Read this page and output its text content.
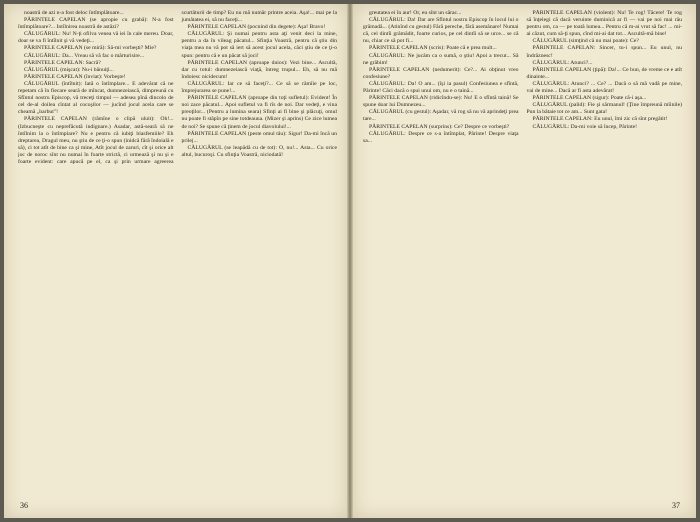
noastră de azi n-a fost deloc întîmplătoare...

PĂRINTELE CAPELAN (se apropie cu grabă): N-a fost întîmplătoare?... Intîlnirea noastră de astăzi?

CĂLUGĂRUL: Nu! N-ţi ofilva venea vă iei în cale mereu. Doar, doar se va fi întîlnit şi vă vedeţi...

PĂRINTELE CAPELAN (se miră): Să-mi vorbeşti? Mie?

CĂLUGĂRUL: Da... Vreau să vă fac o mărturisire...

PĂRINTELE CAPELAN: Sacră?

CĂLUGĂRUL (mişcat): Nu-i bănuiţi...

PĂRINTELE CAPELAN (înviat): Vorbeşte!

CĂLUGĂRUL (întîlnit): Iată o întîmplare... E adevărat că ne repetam că în fiecare seară de mîncat, dumnezeiască, dimpreună cu Sfîntul nostru Episcop, vă treceţi timpul — adesea pînă dincolo de cel de-al doilea cîntat al cocoşilor — jucînd jocul acela care se cheamă „barbut"!

PĂRINTELE CAPELAN (rămîne o clipă uluit): Oh!... (Izbucneşte cu neprefăcută indignare.) Asadar, astă-seară să ne întîlnim la o întîmplare? Nu e pentru că iubiţi blasfemiile? Eh dreptarea, Dragul meu, nu ştiu de ce ţi-o spun (inidcă fără îndoială e să), ci tot atît de bine ca şi mine, Atît jocul de zaruri, cît şi orice alt joc de noroc sînt nu numai în foarte strictă, ci urmează şi nu şi e foarte evident: care apucă pe el, ca şi prin urmare agreerea scurtăturii de timp? Eu nu mă număr printre aceia. Aşa!... mai pe la jumătatea ei, să nu faceţi...

PĂRINTELE CAPELAN (pocnind din degete): Aşa! Bravo!

CĂLUGĂRUL: Şi numai pentru asta aţi venit deci la mine, pentru a da în vileag păcatul... Sfinţia Voastră, pentru că ştiu din viaţa mea nu vă pot să iert să acest jocul acela, căci ştiu de ce ţi-o spun: pentru că e un păcat să joci!

PĂRINTELE CAPELAN (aproape duios): Vezi bine... Ascultă, dar cu totul: dumnezeiască viaţă, întreg trupul... Eh, să nu mă îndoiesc nicidecum!

CĂLUGĂRUL: Iar ce să faceţi?... Ce să se rămîie pe loc, împrejurarea se pune!...

PĂRINTELE CAPELAN (aproape din toţi sufletul): Evident! În noi zace păcatul... Apoi sufletul va fi rîs de noi. Dar vedeţi, e vina preoţilor... (Pentru a lumina seara) Sfinţi ai fi bine şi plăcuţi, omul nu poate fi stăpîn pe sine totdeauna. (Mizer şi aprins) Ce zice lumea de noi? Se spune că ţinem de jocul diavolului!...

PĂRINTELE CAPELAN (peste omul tău): Sigur! Da-mi încă un prilej...

CĂLUGĂRUL (se leapădă cu de tot): O, nu!... Asta... Cu orice altul, bucuroşi. Cu sfinţia Voastră, niciodată!

36

greutatea ei în aur! Or, eu sînt un sărac...

CĂLUGĂRUL: Da! Dar are Sfîntul nostru Episcop în locul lui o grămadă... (Atinînd cu gestul) Fără pereche, fără asemănare! Numai că, cel dintîi grămădit, foarte curios, pe cel dintîi să se urce... se că nu, chiar ce să pot fi...

PĂRINTELE CAPELAN (scris): Poate că e prea mult...

CĂLUGĂRUL: Ne jucăm ca o sumă, o ştiu! Apoi a trecut... Să ne grăbim!

PĂRINTELE CAPELAN (nedumerit): Ce?... Ai obţinut vreo confesiune?

CĂLUGĂRUL: Da! O am... (îşi ia pasul) Confesiunea e sfîntă, Părinte! Căci dacă o spui unui om, nu e o taină...

PĂRINTELE CAPELAN (ridicîndu-se): Nu! E o sfîntă taină! Se spune doar lui Dumnezeu...

CĂLUGĂRUL (cu gestul): Aşadar, vă rog să nu vă aprindeţi prea tare...

PĂRINTELE CAPELAN (surprins): Ce? Despre ce vorbeşti?

CĂLUGĂRUL: Despre ce s-a întîmplat, Părinte! Despre viaţa sa...

PĂRINTELE CAPELAN (violent): Nu! Te rog! Tăcere! Te rog să înţelegi că dacă veruinte duminică ar fi — vai pe noi mai rău pentru om, ca — pe toată lumea... Pentru că m-ai vrut să fac! ... mi-ai căzut, cum să-ţi spun, cînd mi-ai dat tot... Ascultă-mă bine!

CĂLUGĂRUL (simţind că nu mai poate): Ce?

PĂRINTELE CAPELAN: Sincer, tu-i spun... Eu unul, nu îndrăznesc!

CĂLUGĂRUL: Atunci?...

PĂRINTELE CAPELAN (ţipă): Da!... Ce bun, de vreme ce e atît dinainte...

CĂLUGĂRUL: Atunci? ... Ce? ... Dacă o să mă vadă pe mine, vai de mine... Dacă ar fi asta adevărat!

PĂRINTELE CAPELAN (sigur): Poate că-i aşa...

CĂLUGĂRUL (palid): Fie şi sărmanul! (Ţine împreună mîinile) Pun la bătaie tot ce am... Sunt gata!

PĂRINTELE CAPELAN: Eu unul, îmi zic că sînt pregătit!

CĂLUGĂRUL: Da-mi voie să încep, Părinte!

37
